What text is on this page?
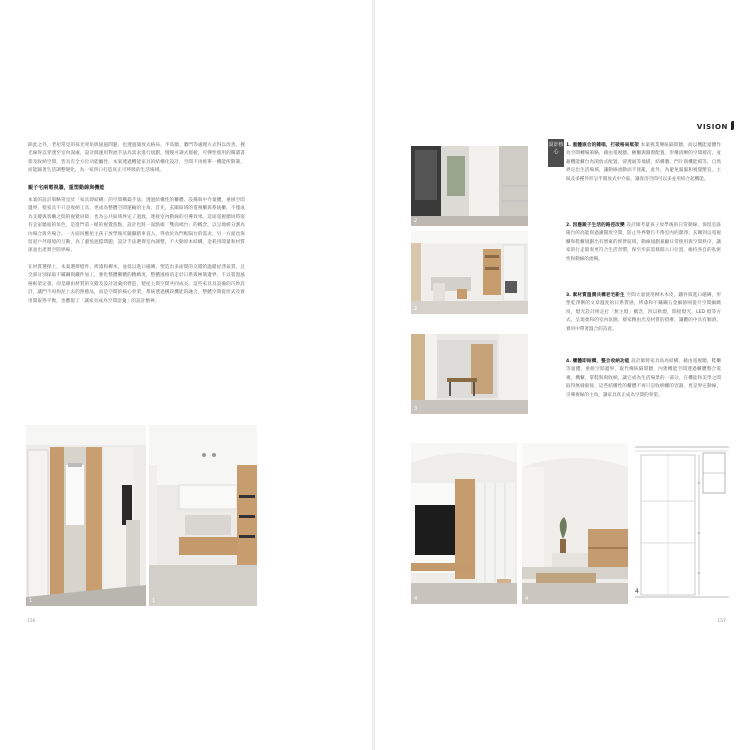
除此之外，老屋常見的採光死角與通風問題，也透過開放式格局、半高牆、牆門等處理方式得以改善。搜光線得以穿透至室內深處，設計師運用對流手法為需求進行規劃，慢慢可調式層板，可彈性使用的閱讀書架及收納空間，皆具有全方位功能屬性。本案透過機能家具的結構化設計，空間不再被單一機能所限制，而能隨著生活調整變化，為一家四口打造真正可呼吸的生活場域。

親子宅兩電視牆，重塑動線與機能

本案的設計策略常見於「家具即結構」的空間構築手法，透過結構性的櫃體、設備與中介量體，重組空間邊界，使家具不只是收納工具，更成為整體空間運輸的主角。首先，玄關區域的電視櫃與系統櫃，不僅成為支撐與客廳之間的視覺屏障，也為公共區域界定了過渡，連接室內動線的引導效果。這面電視牆同時嵌有宜家牆面的角色，是進門第一眼的視覺焦點，設計也將一面點綴「雙面端台」的概念，以呈地緩分割為內場合與外場合。一方面回應屋主孩子放學後可隨腳踏車直入，得放於為門框隔台的需求，另一方面也保留屋戶外環境的互動，為了避免遮擋問題，設計手法選擇室內調整，不大動原本結構，金耗用間量和材質深並出產實空間界線。

在材質選擇上，本案選擇燈件、烤漆和柳木，並低以進口磁磚，塑造出多面間的交錯的溫暖紀淨氣質，且全部分別採取不鏽鋼與鐵件加工，強化整體櫃體的精緻度，整體風格清走於日系與極簡邊界，不以裝置風格框架定義，而是藉由材質的交錯及設計語彙的營造，使屋主與空間共同成長。這些家具及設備的巧妙設計，讓門不再拘泥上去的照藝品，而是空間的核心骨架，系統透過構段機能的融合，整體空間從形式及實用間取得平衡，也體現了「讓家具成為空間語彙」的設計精神。

1	1
156
2
2
3
VISION
設計核心
1. 重體嵌合的雜唱，打破格局框架 本案挑業傳統隔間牆，而以機能量體作為空間轉場策略，藉由電視牆、櫥櫃與開窗配置，形構清晰的空間層次，並藉機能櫃台為開放式配置，卻透通等地描，結構牆，門片與機能模等，自然界定出生活場域，讓動線流動而不迷亂，此外，為避免濕濕和視覺壓迫，主臥及多種外形呈半開放式中介區，讓客浴空間可以多並用結合起機能。
2. 因應親子生活的路徑改變 設計師考量孩子放學後的日常動線，保留室區陽台的高能與過濾開放空間，防止外界雜污不滲室內的潔淨；玄關到以電視櫃和鞋櫃規劃出有增東的經營區域，動線規劃兼顧日常使用與空間秩序，讓家的行走節奏更符合生活習慣，保至步前需條開入口位置，維持各自的私密性和動線的流暢。
3. 素材質溫潤共構老宅新生 空間大量使用柳木木皮，鐵件與進口磁磚，形塑乾淨俐的文章溫度的日系質感，烤漆和不鏽鋼五金細節則提升空間細緻度，燈光設計則走打「無主燈」概念，四以軟燈，間接燈光，LED 燈等方式，呈現柔和的室內氛圍，層家精由光及材質的搭療，讓觀的中具有順滑，實用中帶著溫合的詩意。
4. 櫃體即結構，整合收納功能 設計師將家具高為結構，藉由電視牆，鞋櫃等量體，重組空間邊界，取代傳統隔間牆，內建機能空間透過櫃體整合電視，機櫃，掌鞋與與收納，讓它成為生活場景的一部分，在機能和美學之間取得無縫銜接，這些結構性的櫃體不再只是收納櫃的容器，更是界定動線，引導視線的主角，讓家具真正成為空間的骨架。
4	4
4
157
